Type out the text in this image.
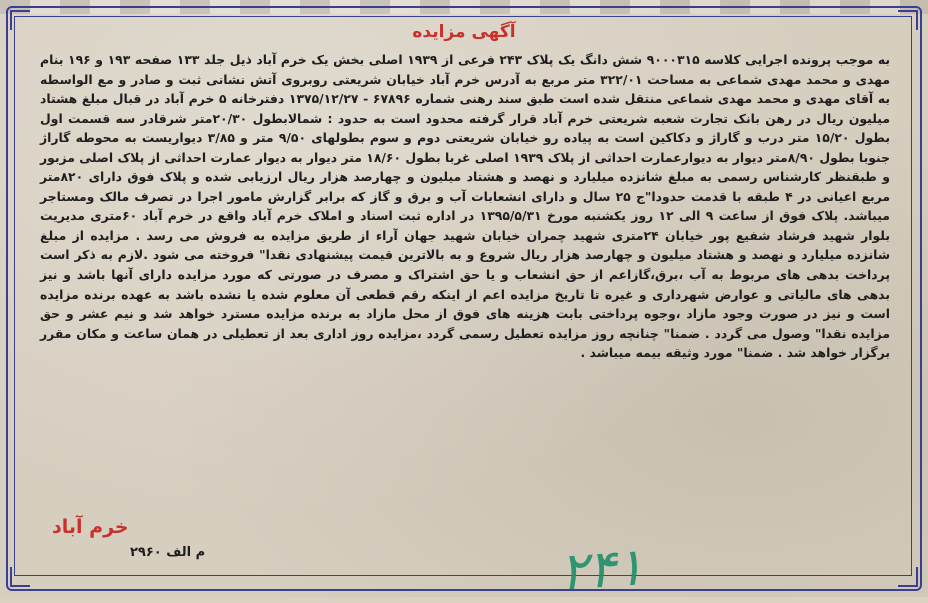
آگهی مزایده
به موجب پرونده اجرایی کلاسه ۹۰۰۰۳۱۵ شش دانگ یک پلاک ۲۴۳ فرعی از ۱۹۳۹ اصلی بخش یک خرم آباد ذیل جلد ۱۳۳ صفحه ۱۹۳ و ۱۹۶ بنام مهدی و محمد مهدی شماعی به مساحت ۳۲۲/۰۱ متر مربع به آدرس خرم آباد خیابان شریعتی روبروی آتش نشانی ثبت و صادر و مع الواسطه به آقای مهدی و محمد مهدی شماعی منتقل شده است طبق سند رهنی شماره ۶۷۸۹۶ - ۱۳۷۵/۱۲/۲۷ دفترخانه ۵ خرم آباد در قبال مبلغ هشتاد میلیون ریال در رهن بانک تجارت شعبه شریعتی خرم آباد قرار گرفته محدود است به حدود : شمالابطول ۲۰/۳۰متر شرقادر سه قسمت اول بطول ۱۵/۲۰ متر درب و گاراژ و دکاکین است به پیاده رو خیابان شریعتی دوم و سوم بطولهای ۹/۵۰ متر و ۳/۸۵ دیواریست به محوطه گاراژ جنوبا بطول ۸/۹۰متر دیوار به دیوارعمارت احداثی از پلاک ۱۹۳۹ اصلی غربا بطول ۱۸/۶۰ متر دیوار به دیوار عمارت احداثی از پلاک اصلی مزبور و طبقنظر کارشناس رسمی به مبلغ شانزده میلیارد و نهصد و هشتاد میلیون و چهارصد هزار ریال ارزیابی شده و پلاک فوق دارای ۸۲۰متر مربع اعیانی در ۴ طبقه با قدمت حدودا"ج ۲۵ سال و دارای انشعابات آب و برق و گاز که برابر گزارش مامور اجرا در تصرف مالک ومستاجر میباشد. پلاک فوق از ساعت ۹ الی ۱۲ روز یکشنبه مورخ ۱۳۹۵/۵/۳۱ در اداره ثبت اسناد و املاک خرم آباد واقع در خرم آباد ۶۰متری مدیریت بلوار شهید فرشاد شفیع پور خیابان ۲۴متری شهید چمران خیابان شهید جهان آراء از طریق مزایده به فروش می رسد . مزایده از مبلغ شانزده میلیارد و نهصد و هشتاد میلیون و چهارصد هزار ریال شروع و به بالاترین قیمت پیشنهادی نقدا" فروخته می شود .لازم به ذکر است پرداخت بدهی های مربوط به آب ،برق،گازاعم از حق انشعاب و یا حق اشتراک و مصرف در صورتی که مورد مزایده دارای آنها باشد و نیز بدهی های مالیاتی و عوارض شهرداری و غیره تا تاریخ مزایده اعم از اینکه رقم قطعی آن معلوم شده یا نشده باشد به عهده برنده مزایده است و نیز در صورت وجود مازاد ،وجوه پرداختی بابت هزینه های فوق از محل مازاد به برنده مزایده مسترد خواهد شد و نیم عشر و حق مزایده نقدا" وصول می گردد . ضمنا" چنانچه روز مزایده تعطیل رسمی گردد ،مزایده روز اداری بعد از تعطیلی در همان ساعت و مکان مقرر برگزار خواهد شد . ضمنا" مورد وثیقه بیمه میباشد .
خرم آباد
م الف ۲۹۶۰	۲۴۱
